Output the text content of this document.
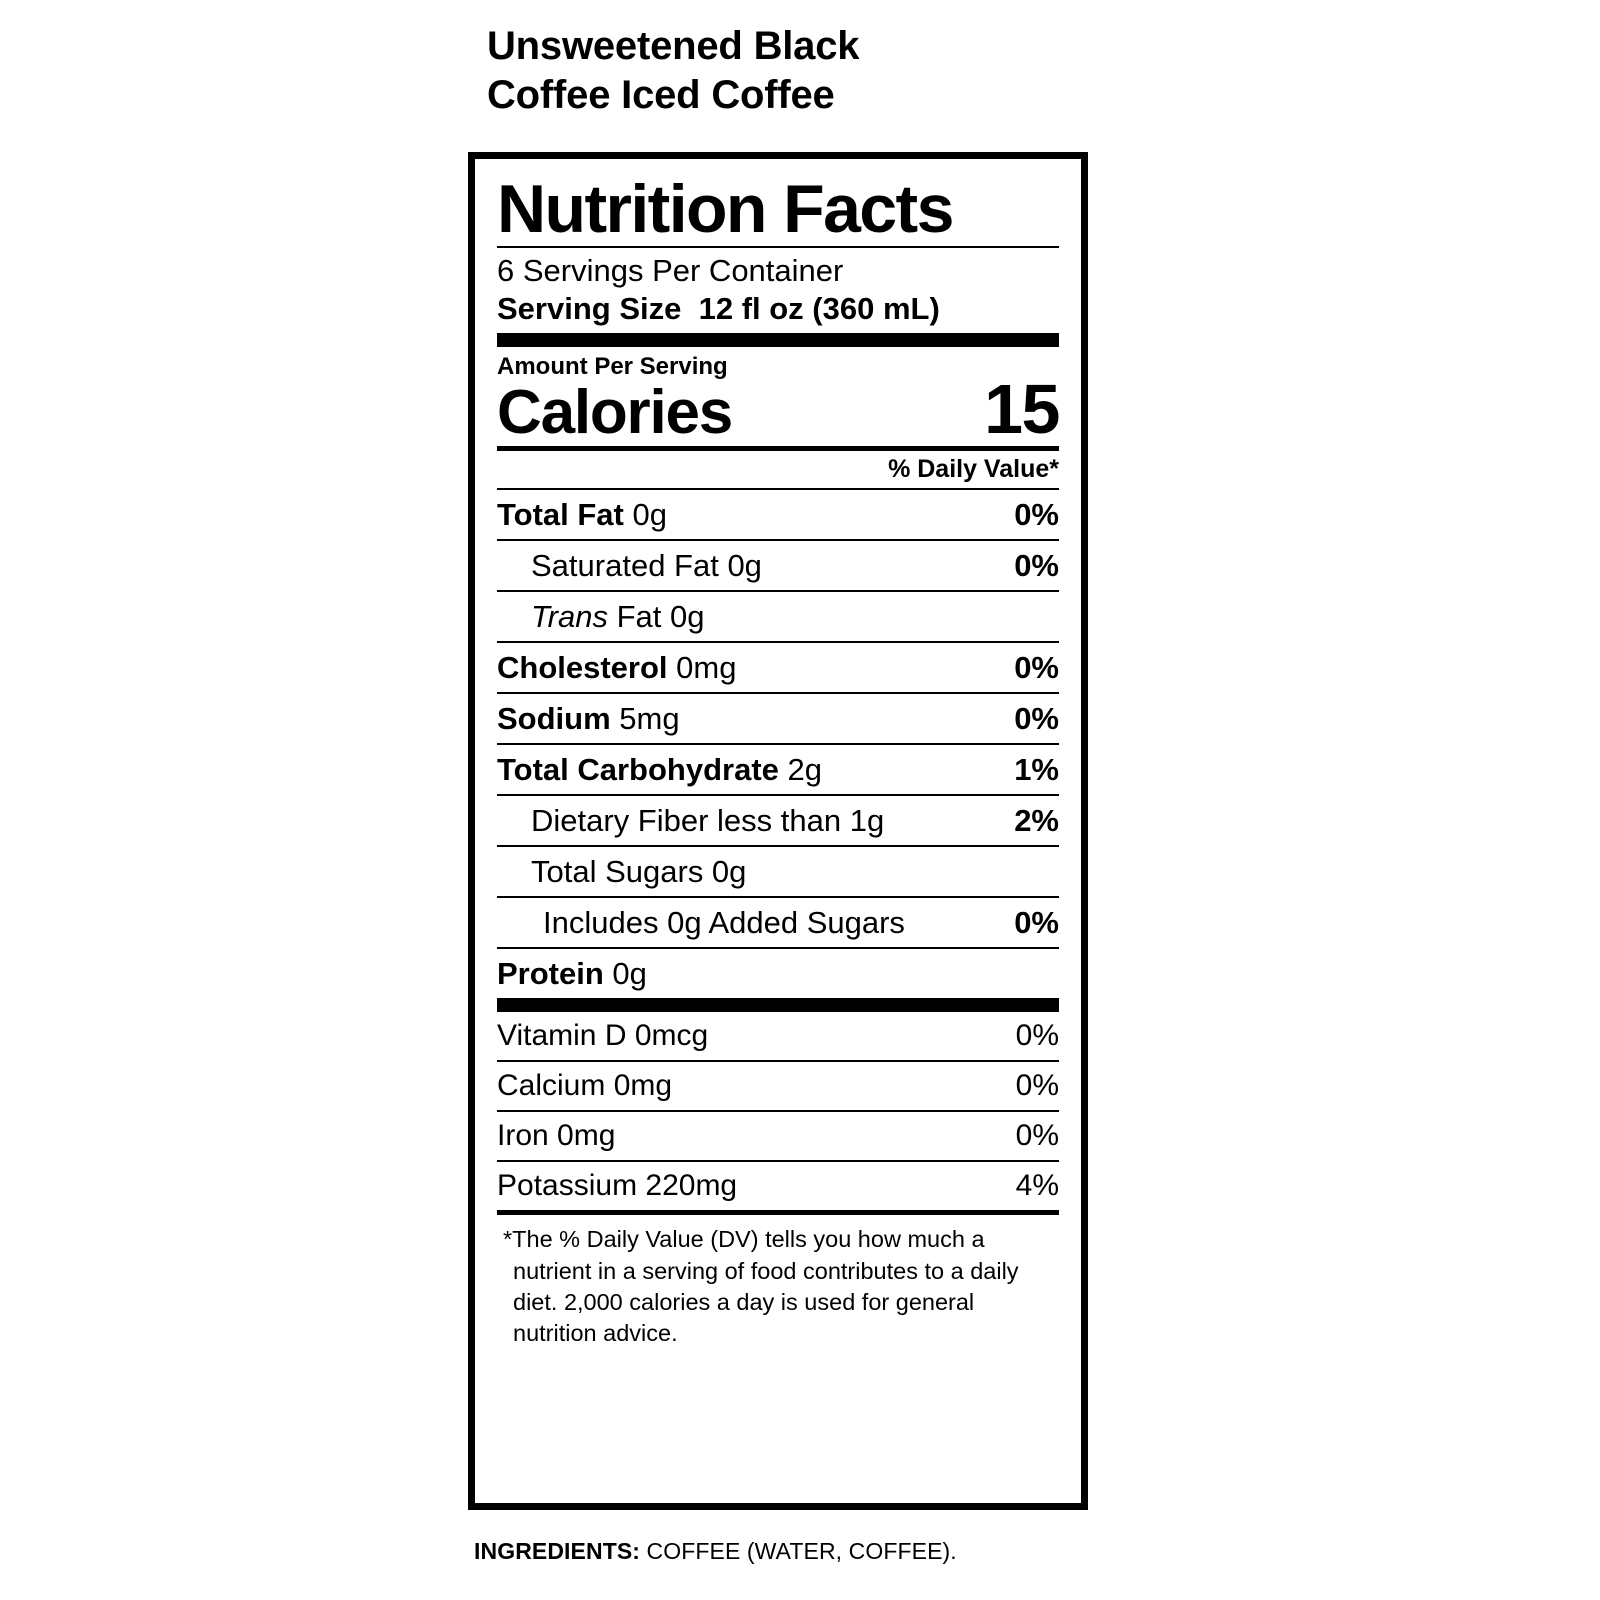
Unsweetened Black
Coffee Iced Coffee
Nutrition Facts
6 Servings Per Container
Serving Size 12 fl oz (360 mL)
Amount Per Serving
Calories	15
% Daily Value*
Total Fat 0g	0%
Saturated Fat 0g	0%
Trans Fat 0g
Cholesterol 0mg	0%
Sodium 5mg	0%
Total Carbohydrate 2g	1%
Dietary Fiber less than 1g	2%
Total Sugars 0g
Includes 0g Added Sugars	0%
Protein 0g
Vitamin D 0mcg	0%
Calcium 0mg	0%
Iron 0mg	0%
Potassium 220mg	4%
*The % Daily Value (DV) tells you how much a nutrient in a serving of food contributes to a daily diet. 2,000 calories a day is used for general nutrition advice.
INGREDIENTS: COFFEE (WATER, COFFEE).
